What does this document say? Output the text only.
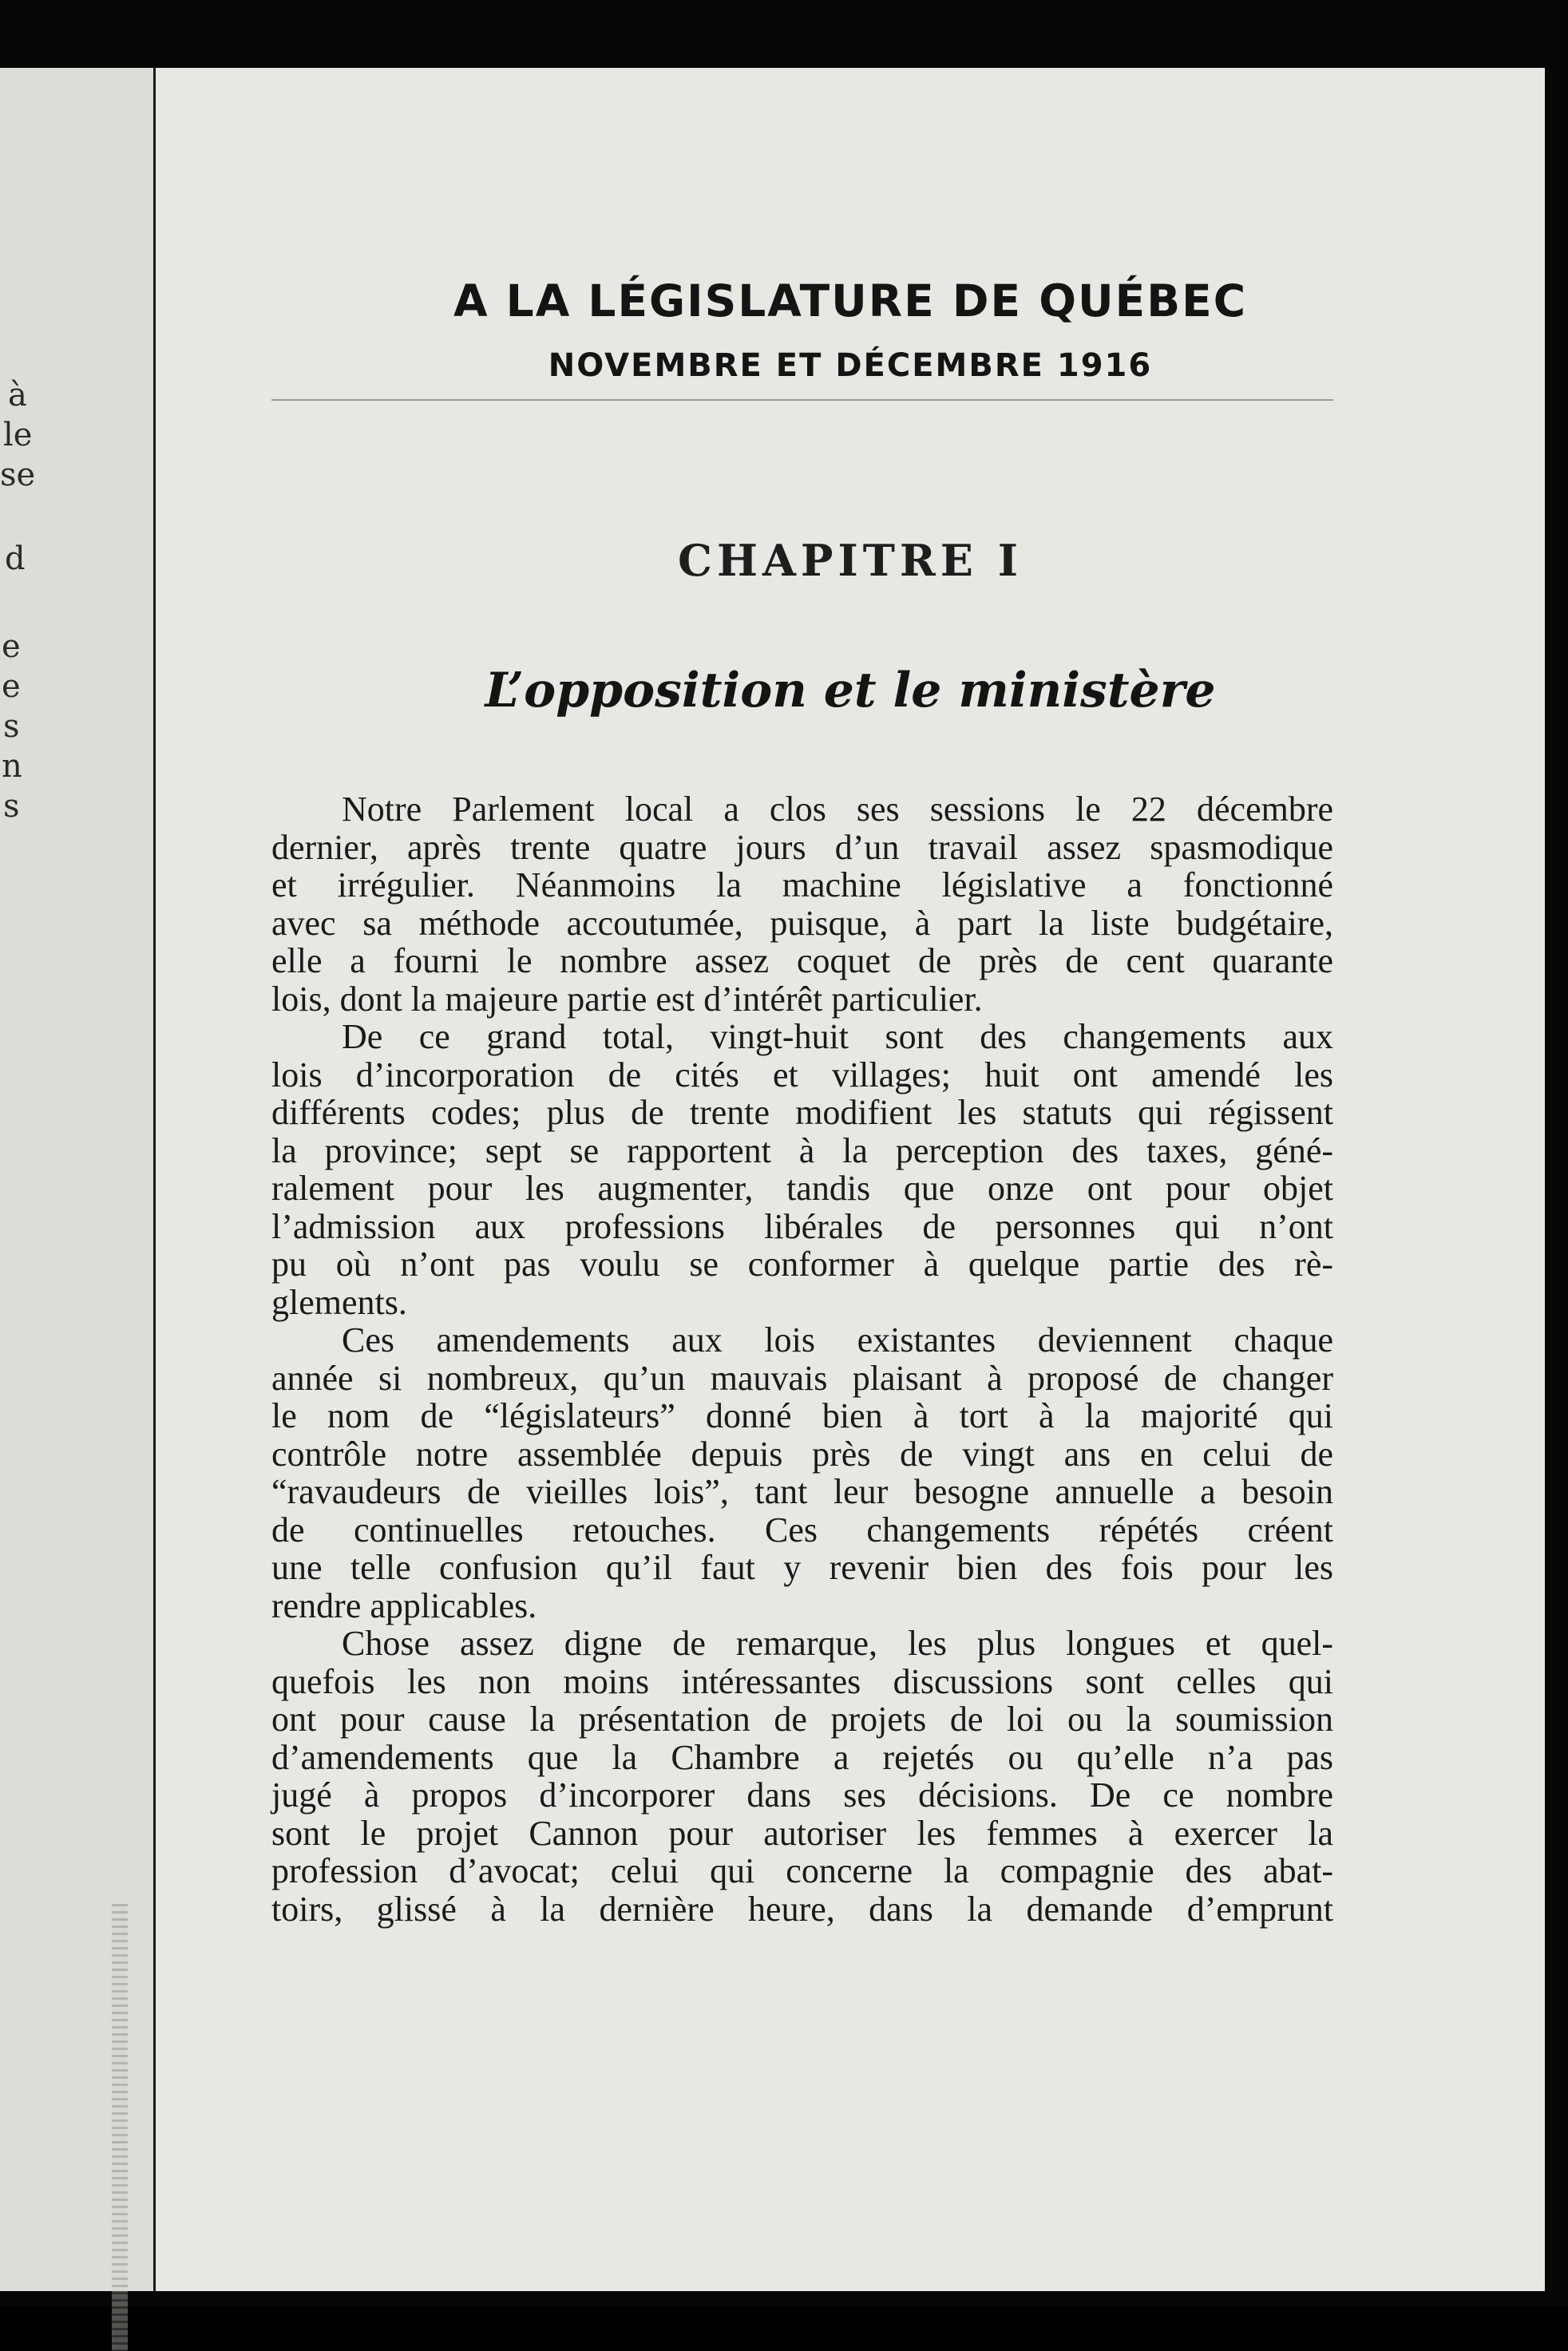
à
le
se
d
e
e
s
n
s
A LA LÉGISLATURE DE QUÉBEC
NOVEMBRE ET DÉCEMBRE 1916
CHAPITRE I
L’opposition et le ministère

Notre Parlement local a clos ses sessions le 22 décembre
dernier, après trente quatre jours d’un travail assez spasmodique
et irrégulier. Néanmoins la machine législative a fonctionné
avec sa méthode accoutumée, puisque, à part la liste budgétaire,
elle a fourni le nombre assez coquet de près de cent quarante
lois, dont la majeure partie est d’intérêt particulier.

De ce grand total, vingt-huit sont des changements aux
lois d’incorporation de cités et villages; huit ont amendé les
différents codes; plus de trente modifient les statuts qui régissent
la province; sept se rapportent à la perception des taxes, géné-
ralement pour les augmenter, tandis que onze ont pour objet
l’admission aux professions libérales de personnes qui n’ont
pu où n’ont pas voulu se conformer à quelque partie des rè-
glements.

Ces amendements aux lois existantes deviennent chaque
année si nombreux, qu’un mauvais plaisant à proposé de changer
le nom de “législateurs” donné bien à tort à la majorité qui
contrôle notre assemblée depuis près de vingt ans en celui de
“ravaudeurs de vieilles lois”, tant leur besogne annuelle a besoin
de continuelles retouches. Ces changements répétés créent
une telle confusion qu’il faut y revenir bien des fois pour les
rendre applicables.

Chose assez digne de remarque, les plus longues et quel-
quefois les non moins intéressantes discussions sont celles qui
ont pour cause la présentation de projets de loi ou la soumission
d’amendements que la Chambre a rejetés ou qu’elle n’a pas
jugé à propos d’incorporer dans ses décisions. De ce nombre
sont le projet Cannon pour autoriser les femmes à exercer la
profession d’avocat; celui qui concerne la compagnie des abat-
toirs, glissé à la dernière heure, dans la demande d’emprunt
